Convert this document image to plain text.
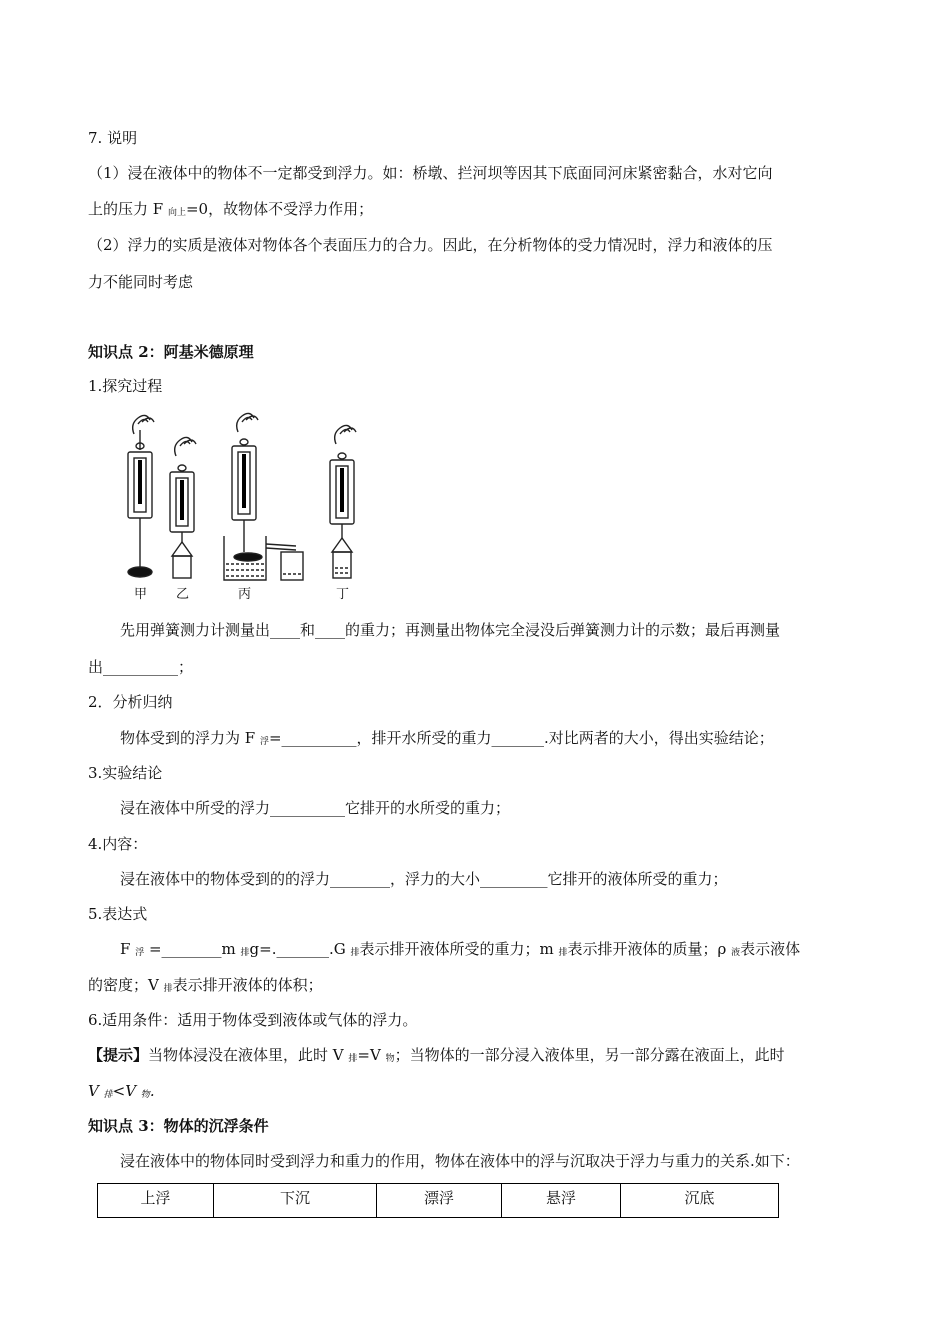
7. 说明
（1）浸在液体中的物体不一定都受到浮力。如：桥墩、拦河坝等因其下底面同河床紧密黏合，水对它向
上的压力 F 向上=0，故物体不受浮力作用；
（2）浮力的实质是液体对物体各个表面压力的合力。因此，在分析物体的受力情况时，浮力和液体的压
力不能同时考虑
知识点 2：阿基米德原理
1.探究过程
甲 乙	丙	丁
先用弹簧测力计测量出____和____的重力；再测量出物体完全浸没后弹簧测力计的示数；最后再测量
出__________；
2．分析归纳
物体受到的浮力为 F 浮=__________，排开水所受的重力_______.对比两者的大小，得出实验结论；
3.实验结论
浸在液体中所受的浮力__________它排开的水所受的重力；
4.内容：
浸在液体中的物体受到的的浮力________，浮力的大小_________它排开的液体所受的重力；
5.表达式
F 浮 =________m 排g=._______.G 排表示排开液体所受的重力；m 排表示排开液体的质量；ρ 液表示液体
的密度；V 排表示排开液体的体积；
6.适用条件：适用于物体受到液体或气体的浮力。
【提示】当物体浸没在液体里，此时 V 排=V 物；当物体的一部分浸入液体里，另一部分露在液面上，此时
V 排<V 物.
知识点 3：物体的沉浮条件
浸在液体中的物体同时受到浮力和重力的作用，物体在液体中的浮与沉取决于浮力与重力的关系.如下：
上浮	下沉	漂浮	悬浮	沉底
